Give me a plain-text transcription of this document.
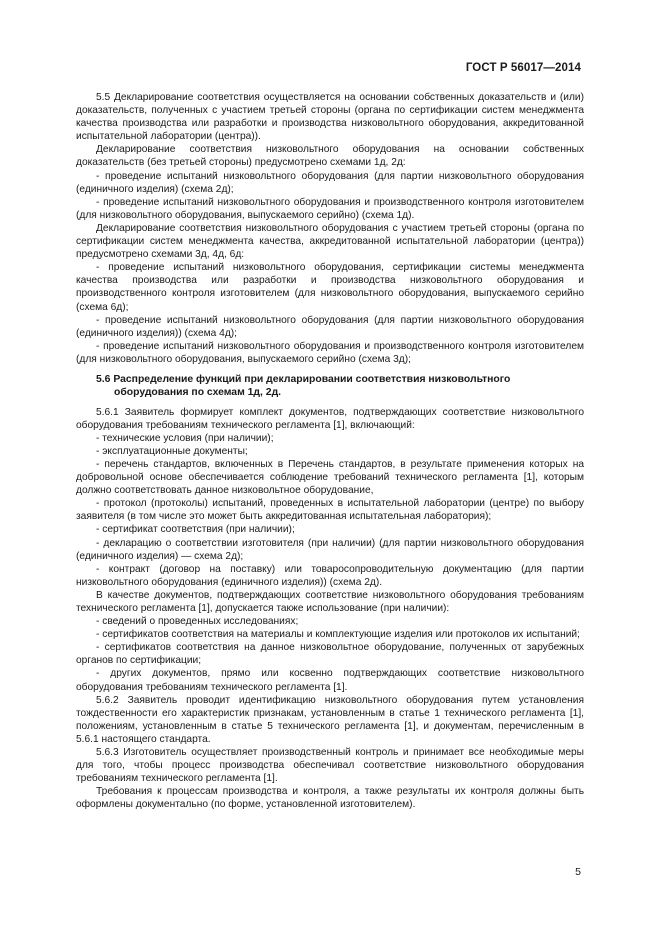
ГОСТ Р 56017—2014

5.5 Декларирование соответствия осуществляется на основании собственных доказательств и (или) доказательств, полученных с участием третьей стороны (органа по сертификации систем менеджмента качества производства или разработки и производства низковольтного оборудования, аккредитованной испытательной лаборатории (центра)).

Декларирование соответствия низковольтного оборудования на основании собственных доказательств (без третьей стороны) предусмотрено схемами 1д, 2д:

- проведение испытаний низковольтного оборудования (для партии низковольтного оборудования (единичного изделия) (схема 2д);

- проведение испытаний низковольтного оборудования и производственного контроля изготовителем (для низковольтного оборудования, выпускаемого серийно) (схема 1д).

Декларирование соответствия низковольтного оборудования с участием третьей стороны (органа по сертификации систем менеджмента качества, аккредитованной испытательной лаборатории (центра)) предусмотрено схемами 3д, 4д, 6д:

- проведение испытаний низковольтного оборудования, сертификации системы менеджмента качества производства или разработки и производства низковольтного оборудования и производственного контроля изготовителем (для низковольтного оборудования, выпускаемого серийно (схема 6д);

- проведение испытаний низковольтного оборудования (для партии низковольтного оборудования (единичного изделия)) (схема 4д);

- проведение испытаний низковольтного оборудования и производственного контроля изготовителем (для низковольтного оборудования, выпускаемого серийно (схема 3д);

5.6 Распределение функций при декларировании соответствия низковольтного
оборудования по схемам 1д, 2д.

5.6.1 Заявитель формирует комплект документов, подтверждающих соответствие низковольтного оборудования требованиям технического регламента [1], включающий:

- технические условия (при наличии);

- эксплуатационные документы;

- перечень стандартов, включенных в Перечень стандартов, в результате применения которых на добровольной основе обеспечивается соблюдение требований технического регламента [1], которым должно соответствовать данное низковольтное оборудование,

- протокол (протоколы) испытаний, проведенных в испытательной лаборатории (центре) по выбору заявителя (в том числе это может быть аккредитованная испытательная лаборатория);

- сертификат соответствия (при наличии);

- декларацию о соответствии изготовителя (при наличии) (для партии низковольтного оборудования (единичного изделия) — схема 2д);

- контракт (договор на поставку) или товаросопроводительную документацию (для партии низковольтного оборудования (единичного изделия)) (схема 2д).

В качестве документов, подтверждающих соответствие низковольтного оборудования требованиям технического регламента [1], допускается также использование (при наличии):

- сведений о проведенных исследованиях;

- сертификатов соответствия на материалы и комплектующие изделия или протоколов их испытаний;

- сертификатов соответствия на данное низковольтное оборудование, полученных от зарубежных органов по сертификации;

- других документов, прямо или косвенно подтверждающих соответствие низковольтного оборудования требованиям технического регламента [1].

5.6.2 Заявитель проводит идентификацию низковольтного оборудования путем установления тождественности его характеристик признакам, установленным в статье 1 технического регламента [1], положениям, установленным в статье 5 технического регламента [1], и документам, перечисленным в 5.6.1 настоящего стандарта.

5.6.3 Изготовитель осуществляет производственный контроль и принимает все необходимые меры для того, чтобы процесс производства обеспечивал соответствие низковольтного оборудования требованиям технического регламента [1].

Требования к процессам производства и контроля, а также результаты их контроля должны быть оформлены документально (по форме, установленной изготовителем).

5
